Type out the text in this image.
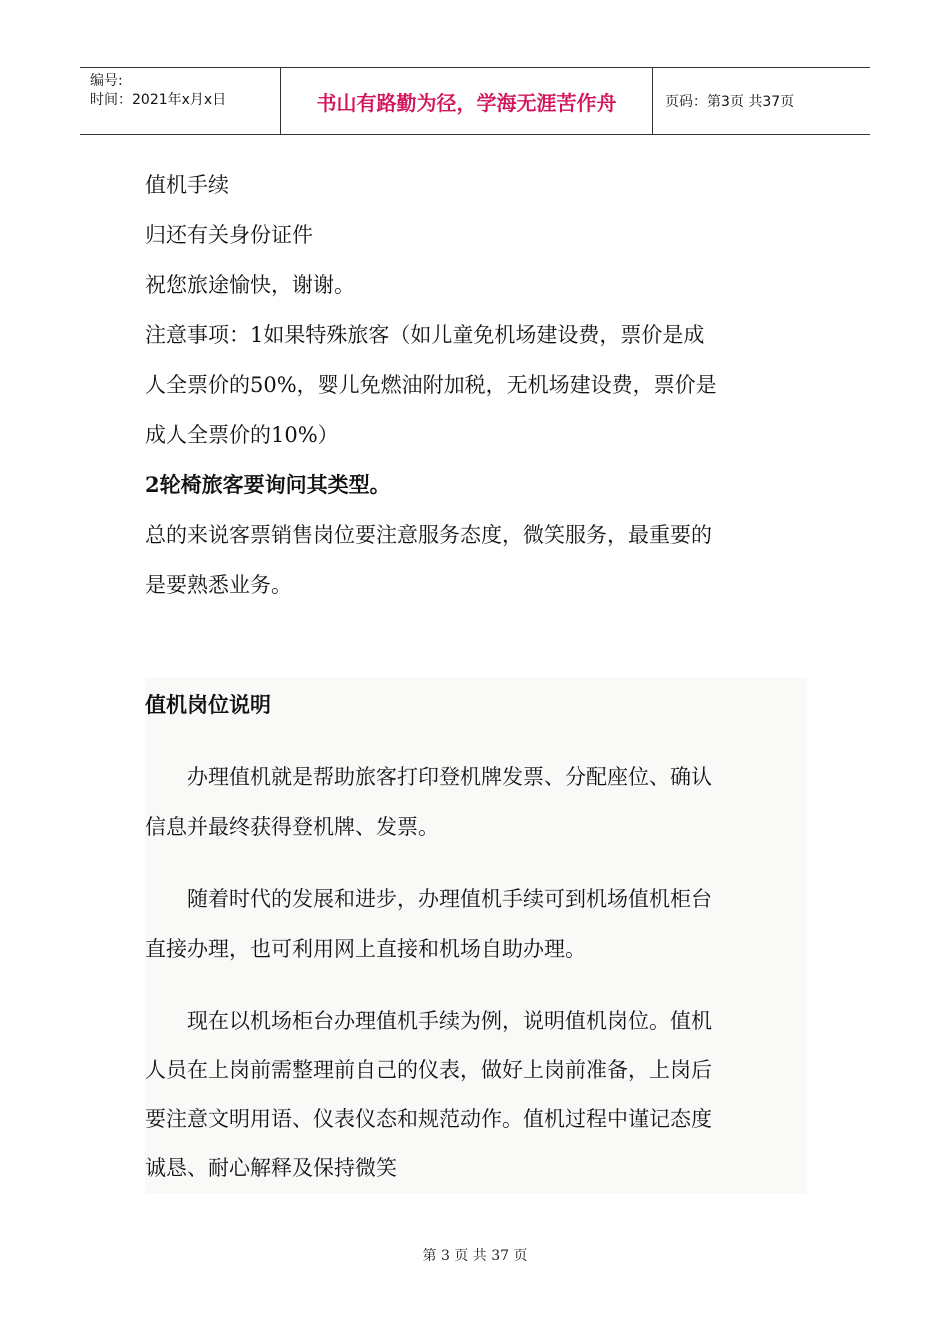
编号:
时间：2021年x月x日	书山有路勤为径，学海无涯苦作舟	页码：第3页 共37页
值机手续
归还有关身份证件
祝您旅途愉快，谢谢。
注意事项：1如果特殊旅客（如儿童免机场建设费，票价是成
人全票价的50%，婴儿免燃油附加税，无机场建设费，票价是
成人全票价的10%）
2轮椅旅客要询问其类型。
总的来说客票销售岗位要注意服务态度，微笑服务，最重要的
是要熟悉业务。
值机岗位说明
　　办理值机就是帮助旅客打印登机牌发票、分配座位、确认
信息并最终获得登机牌、发票。
　　随着时代的发展和进步，办理值机手续可到机场值机柜台
直接办理，也可利用网上直接和机场自助办理。
　　现在以机场柜台办理值机手续为例，说明值机岗位。值机
人员在上岗前需整理前自己的仪表，做好上岗前准备，上岗后
要注意文明用语、仪表仪态和规范动作。值机过程中谨记态度
诚恳、耐心解释及保持微笑
第 3 页 共 37 页
